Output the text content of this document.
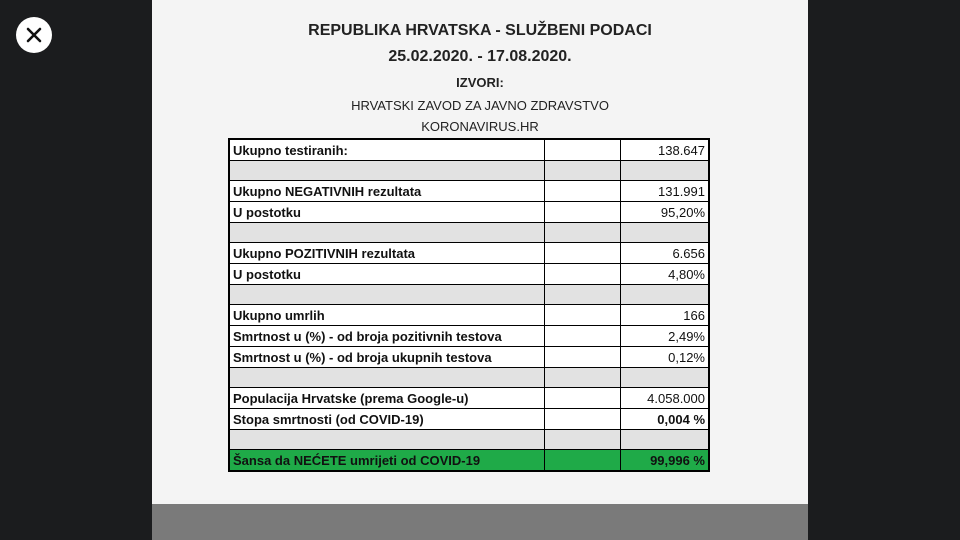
REPUBLIKA HRVATSKA - SLUŽBENI PODACI
25.02.2020. - 17.08.2020.
IZVORI:
HRVATSKI ZAVOD ZA JAVNO ZDRAVSTVO
KORONAVIRUS.HR
Ukupno testiranih:		138.647

Ukupno NEGATIVNIH rezultata		131.991
U postotku		95,20%

Ukupno POZITIVNIH rezultata		6.656
U postotku		4,80%

Ukupno umrlih		166
Smrtnost u (%) - od broja pozitivnih testova		2,49%
Smrtnost u (%) - od broja ukupnih testova		0,12%

Populacija Hrvatske (prema Google-u)		4.058.000
Stopa smrtnosti (od COVID-19)		0,004 %

Šansa da NEĆETE umrijeti od COVID-19		99,996 %
